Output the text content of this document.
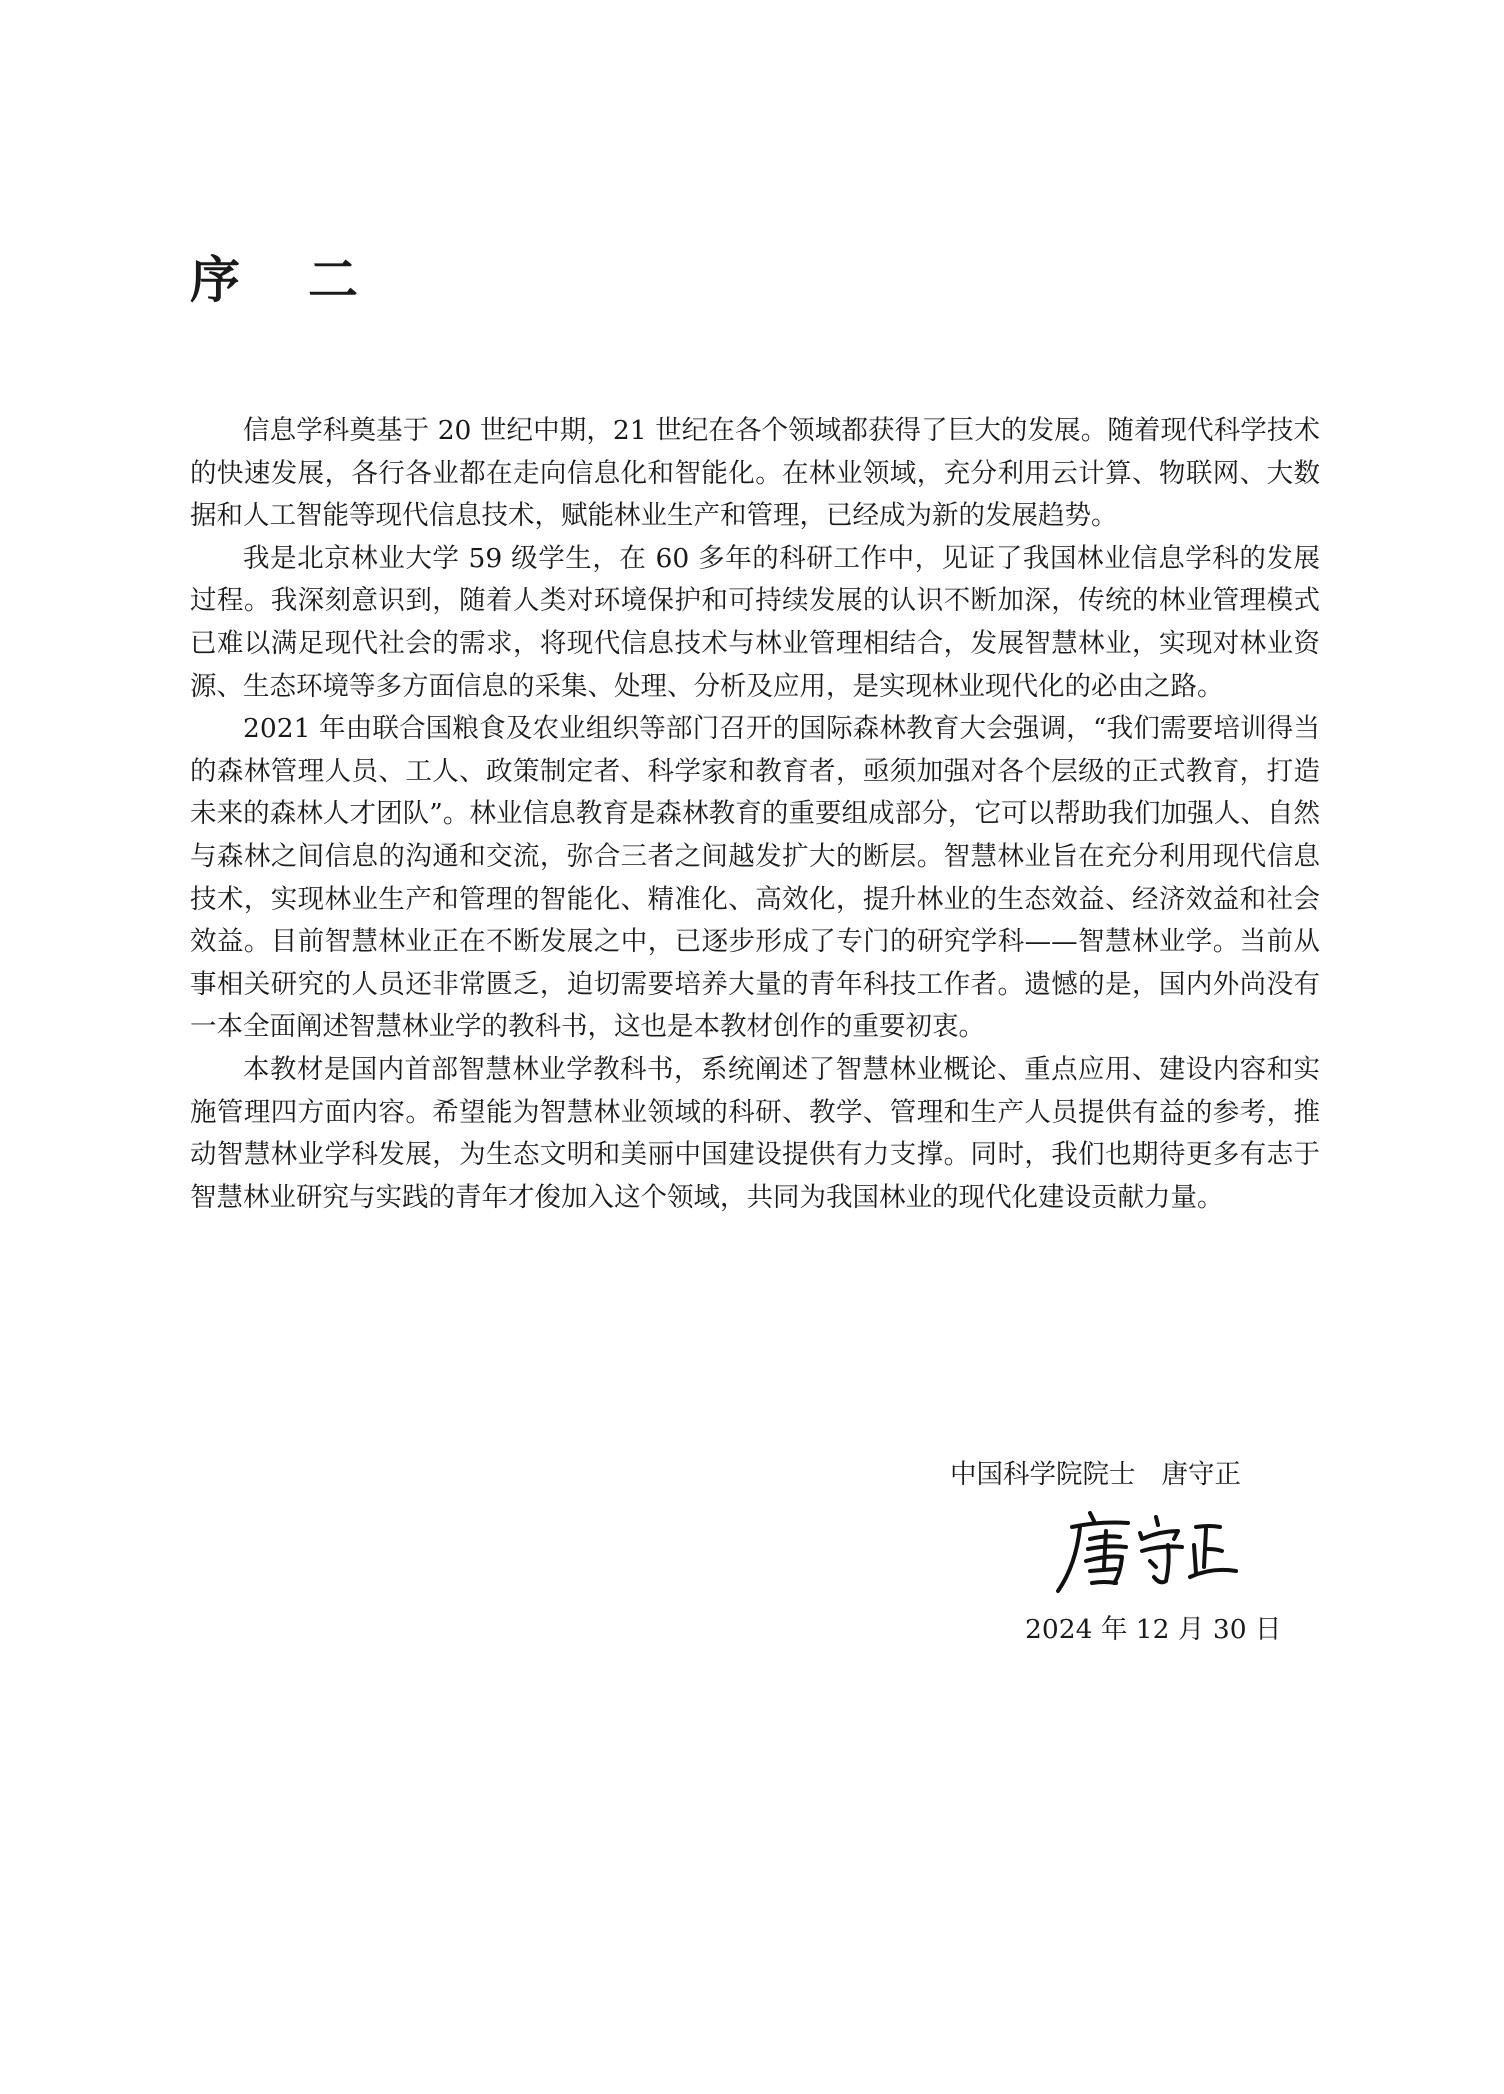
序二

信息学科奠基于 20 世纪中期，21 世纪在各个领域都获得了巨大的发展。随着现代科学技术的快速发展，各行各业都在走向信息化和智能化。在林业领域，充分利用云计算、物联网、大数据和人工智能等现代信息技术，赋能林业生产和管理，已经成为新的发展趋势。

我是北京林业大学 59 级学生，在 60 多年的科研工作中，见证了我国林业信息学科的发展过程。我深刻意识到，随着人类对环境保护和可持续发展的认识不断加深，传统的林业管理模式已难以满足现代社会的需求，将现代信息技术与林业管理相结合，发展智慧林业，实现对林业资源、生态环境等多方面信息的采集、处理、分析及应用，是实现林业现代化的必由之路。

2021 年由联合国粮食及农业组织等部门召开的国际森林教育大会强调，“我们需要培训得当的森林管理人员、工人、政策制定者、科学家和教育者，亟须加强对各个层级的正式教育，打造未来的森林人才团队”。林业信息教育是森林教育的重要组成部分，它可以帮助我们加强人、自然与森林之间信息的沟通和交流，弥合三者之间越发扩大的断层。智慧林业旨在充分利用现代信息技术，实现林业生产和管理的智能化、精准化、高效化，提升林业的生态效益、经济效益和社会效益。目前智慧林业正在不断发展之中，已逐步形成了专门的研究学科——智慧林业学。当前从事相关研究的人员还非常匮乏，迫切需要培养大量的青年科技工作者。遗憾的是，国内外尚没有一本全面阐述智慧林业学的教科书，这也是本教材创作的重要初衷。

本教材是国内首部智慧林业学教科书，系统阐述了智慧林业概论、重点应用、建设内容和实施管理四方面内容。希望能为智慧林业领域的科研、教学、管理和生产人员提供有益的参考，推动智慧林业学科发展，为生态文明和美丽中国建设提供有力支撑。同时，我们也期待更多有志于智慧林业研究与实践的青年才俊加入这个领域，共同为我国林业的现代化建设贡献力量。

中国科学院院士 唐守正
2024 年 12 月 30 日
